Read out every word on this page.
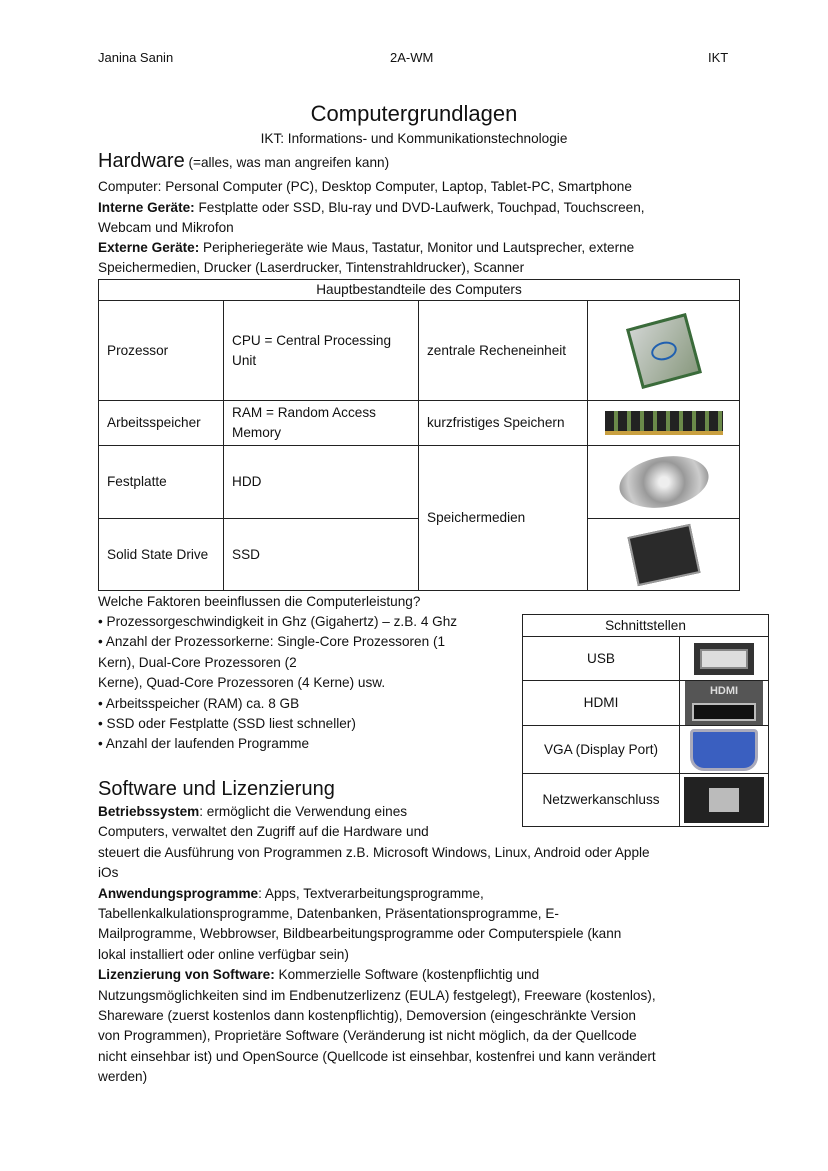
Janina Sanin	2A-WM	IKT
Computergrundlagen
IKT: Informations- und Kommunikationstechnologie
Hardware (=alles, was man angreifen kann)
Computer: Personal Computer (PC), Desktop Computer, Laptop, Tablet-PC, Smartphone
Interne Geräte: Festplatte oder SSD, Blu-ray und DVD-Laufwerk, Touchpad, Touchscreen,
Webcam und Mikrofon
Externe Geräte: Peripheriegeräte wie Maus, Tastatur, Monitor und Lautsprecher, externe
Speichermedien, Drucker (Laserdrucker, Tintenstrahldrucker), Scanner
Hauptbestandteile des Computers			
Prozessor	CPU = Central Processing Unit	zentrale Recheneinheit	

Arbeitsspeicher	RAM = Random Access Memory	kurzfristiges Speichern	

Festplatte	HDD	Speichermedien	

Solid State Drive	SSD		
Welche Faktoren beeinflussen die Computerleistung?
• Prozessorgeschwindigkeit in Ghz (Gigahertz) – z.B. 4 Ghz
• Anzahl der Prozessorkerne: Single-Core Prozessoren (1
Kern), Dual-Core Prozessoren (2
Kerne), Quad-Core Prozessoren (4 Kerne) usw.
• Arbeitsspeicher (RAM) ca. 8 GB
• SSD oder Festplatte (SSD liest schneller)
• Anzahl der laufenden Programme
Schnittstellen	
USB	

HDMI	HDMI

VGA (Display Port)	

Netzwerkanschluss	
Software und Lizenzierung
Betriebssystem: ermöglicht die Verwendung eines
Computers, verwaltet den Zugriff auf die Hardware und
steuert die Ausführung von Programmen z.B. Microsoft Windows, Linux, Android oder Apple
iOs
Anwendungsprogramme: Apps, Textverarbeitungsprogramme,
Tabellenkalkulationsprogramme, Datenbanken, Präsentationsprogramme, E-
Mailprogramme, Webbrowser, Bildbearbeitungsprogramme oder Computerspiele (kann
lokal installiert oder online verfügbar sein)
Lizenzierung von Software: Kommerzielle Software (kostenpflichtig und
Nutzungsmöglichkeiten sind im Endbenutzerlizenz (EULA) festgelegt), Freeware (kostenlos),
Shareware (zuerst kostenlos dann kostenpflichtig), Demoversion (eingeschränkte Version
von Programmen), Proprietäre Software (Veränderung ist nicht möglich, da der Quellcode
nicht einsehbar ist) und OpenSource (Quellcode ist einsehbar, kostenfrei und kann verändert
werden)
